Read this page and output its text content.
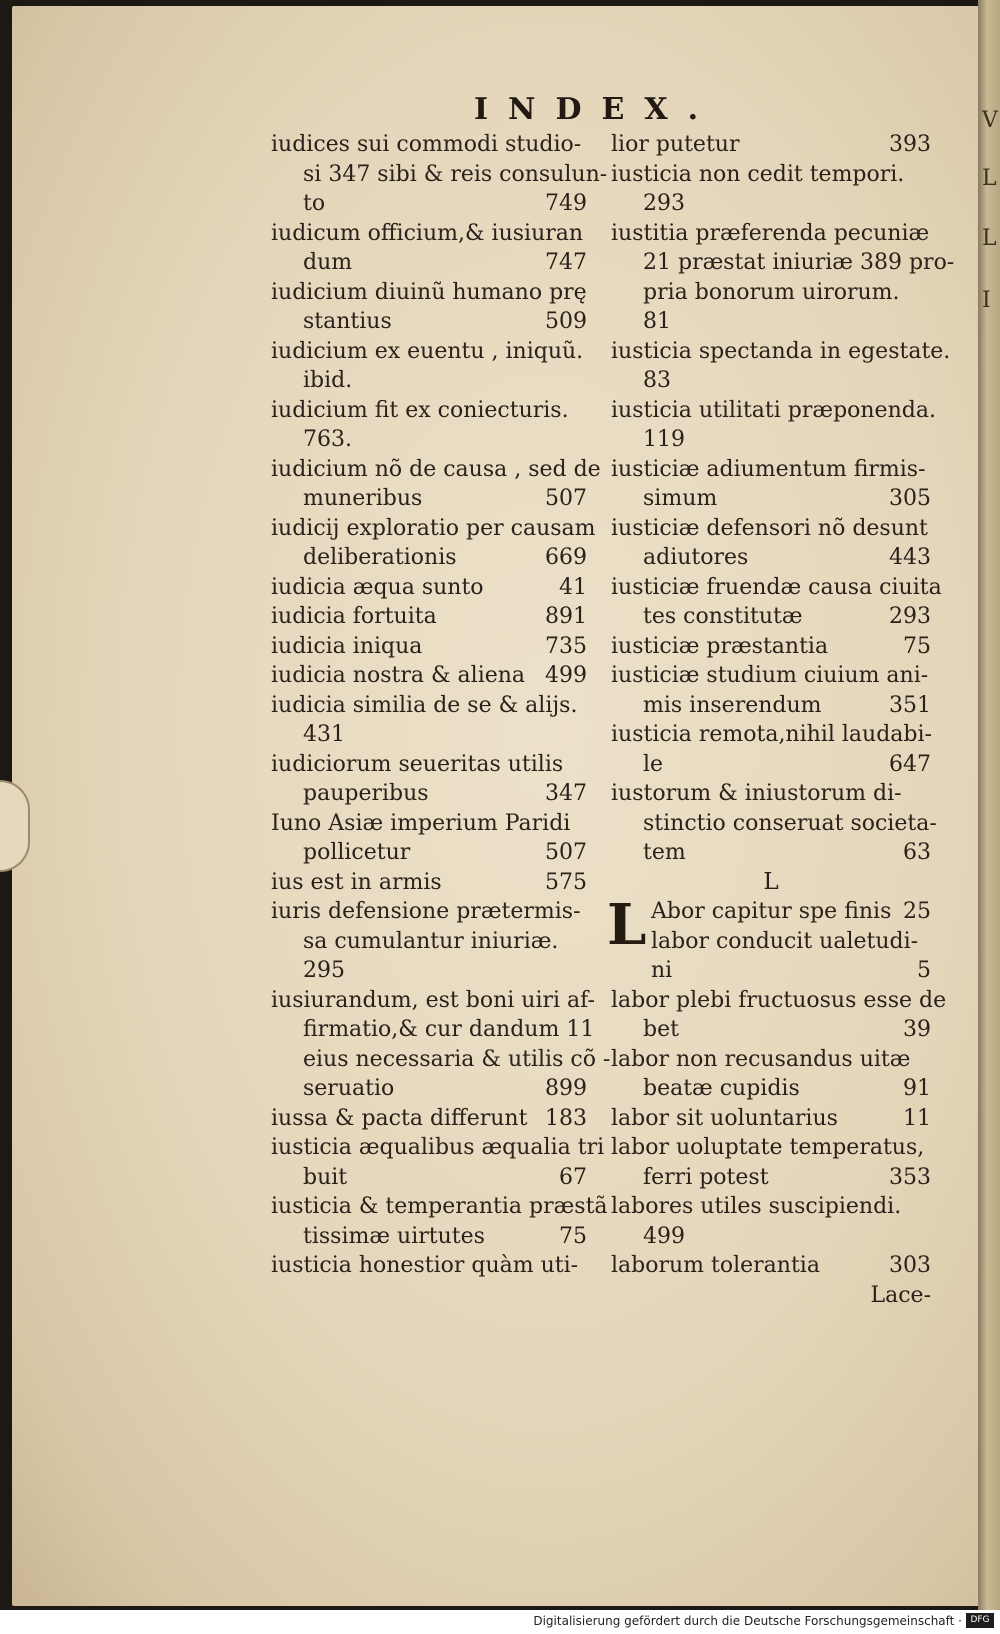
V
L
L
I
INDEX.
iudices sui commodi studio-
si 347 sibi & reis consulun-
to	749
iudicum officium,& iusiuran
dum	747
iudicium diuinũ humano prę
stantius	509
iudicium ex euentu , iniquũ.
ibid.
iudicium fit ex coniecturis.
763.
iudicium nõ de causa , sed de
muneribus	507
iudicij exploratio per causam
deliberationis	669
iudicia æqua sunto	41
iudicia fortuita	891
iudicia iniqua	735
iudicia nostra & aliena 499
iudicia similia de se & alijs.
431
iudiciorum seueritas utilis
pauperibus	347
Iuno Asiæ imperium Paridi
pollicetur	507
ius est in armis	575
iuris defensione prætermis-
sa cumulantur iniuriæ.
295
iusiurandum, est boni uiri af-
firmatio,& cur dandum 11
eius necessaria & utilis cõ -
seruatio	899
iussa & pacta differunt 183
iusticia æqualibus æqualia tri
buit	67
iusticia & temperantia præstã
tissimæ uirtutes	75
iusticia honestior quàm uti-
lior putetur	393
iusticia non cedit tempori.
293
iustitia præferenda pecuniæ
21 præstat iniuriæ 389 pro-
pria bonorum uirorum.
81
iusticia spectanda in egestate.
83
iusticia utilitati præponenda.
119
iusticiæ adiumentum firmis-
simum	305
iusticiæ defensori nõ desunt
adiutores	443
iusticiæ fruendæ causa ciuita
tes constitutæ	293
iusticiæ præstantia	75
iusticiæ studium ciuium ani-
mis inserendum	351
iusticia remota,nihil laudabi-
le	647
iustorum & iniustorum di-
stinctio conseruat societa-
tem	63
L
L Abor capitur spe finis 25
labor conducit ualetudi-
ni	5
labor plebi fructuosus esse de
bet	39
labor non recusandus uitæ
beatæ cupidis	91
labor sit uoluntarius	11
labor uoluptate temperatus,
ferri potest	353
labores utiles suscipiendi.
499
laborum tolerantia	303
Lace-
Digitalisierung gefördert durch die Deutsche Forschungsgemeinschaft · DFG
